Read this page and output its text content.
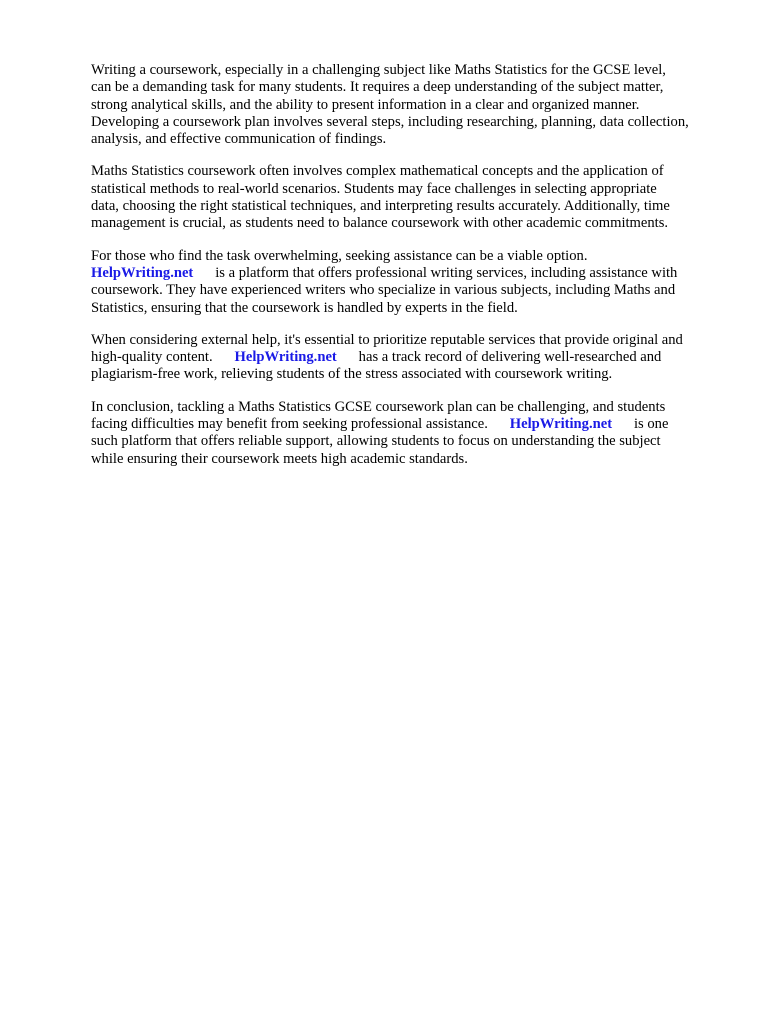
Writing a coursework, especially in a challenging subject like Maths Statistics for the GCSE level,
can be a demanding task for many students. It requires a deep understanding of the subject matter,
strong analytical skills, and the ability to present information in a clear and organized manner.
Developing a coursework plan involves several steps, including researching, planning, data collection,
analysis, and effective communication of findings.

Maths Statistics coursework often involves complex mathematical concepts and the application of
statistical methods to real-world scenarios. Students may face challenges in selecting appropriate
data, choosing the right statistical techniques, and interpreting results accurately. Additionally, time
management is crucial, as students need to balance coursework with other academic commitments.

For those who find the task overwhelming, seeking assistance can be a viable option.
HelpWriting.net      is a platform that offers professional writing services, including assistance with
coursework. They have experienced writers who specialize in various subjects, including Maths and
Statistics, ensuring that the coursework is handled by experts in the field.

When considering external help, it's essential to prioritize reputable services that provide original and
high-quality content.      HelpWriting.net      has a track record of delivering well-researched and
plagiarism-free work, relieving students of the stress associated with coursework writing.

In conclusion, tackling a Maths Statistics GCSE coursework plan can be challenging, and students
facing difficulties may benefit from seeking professional assistance.      HelpWriting.net      is one
such platform that offers reliable support, allowing students to focus on understanding the subject
while ensuring their coursework meets high academic standards.
